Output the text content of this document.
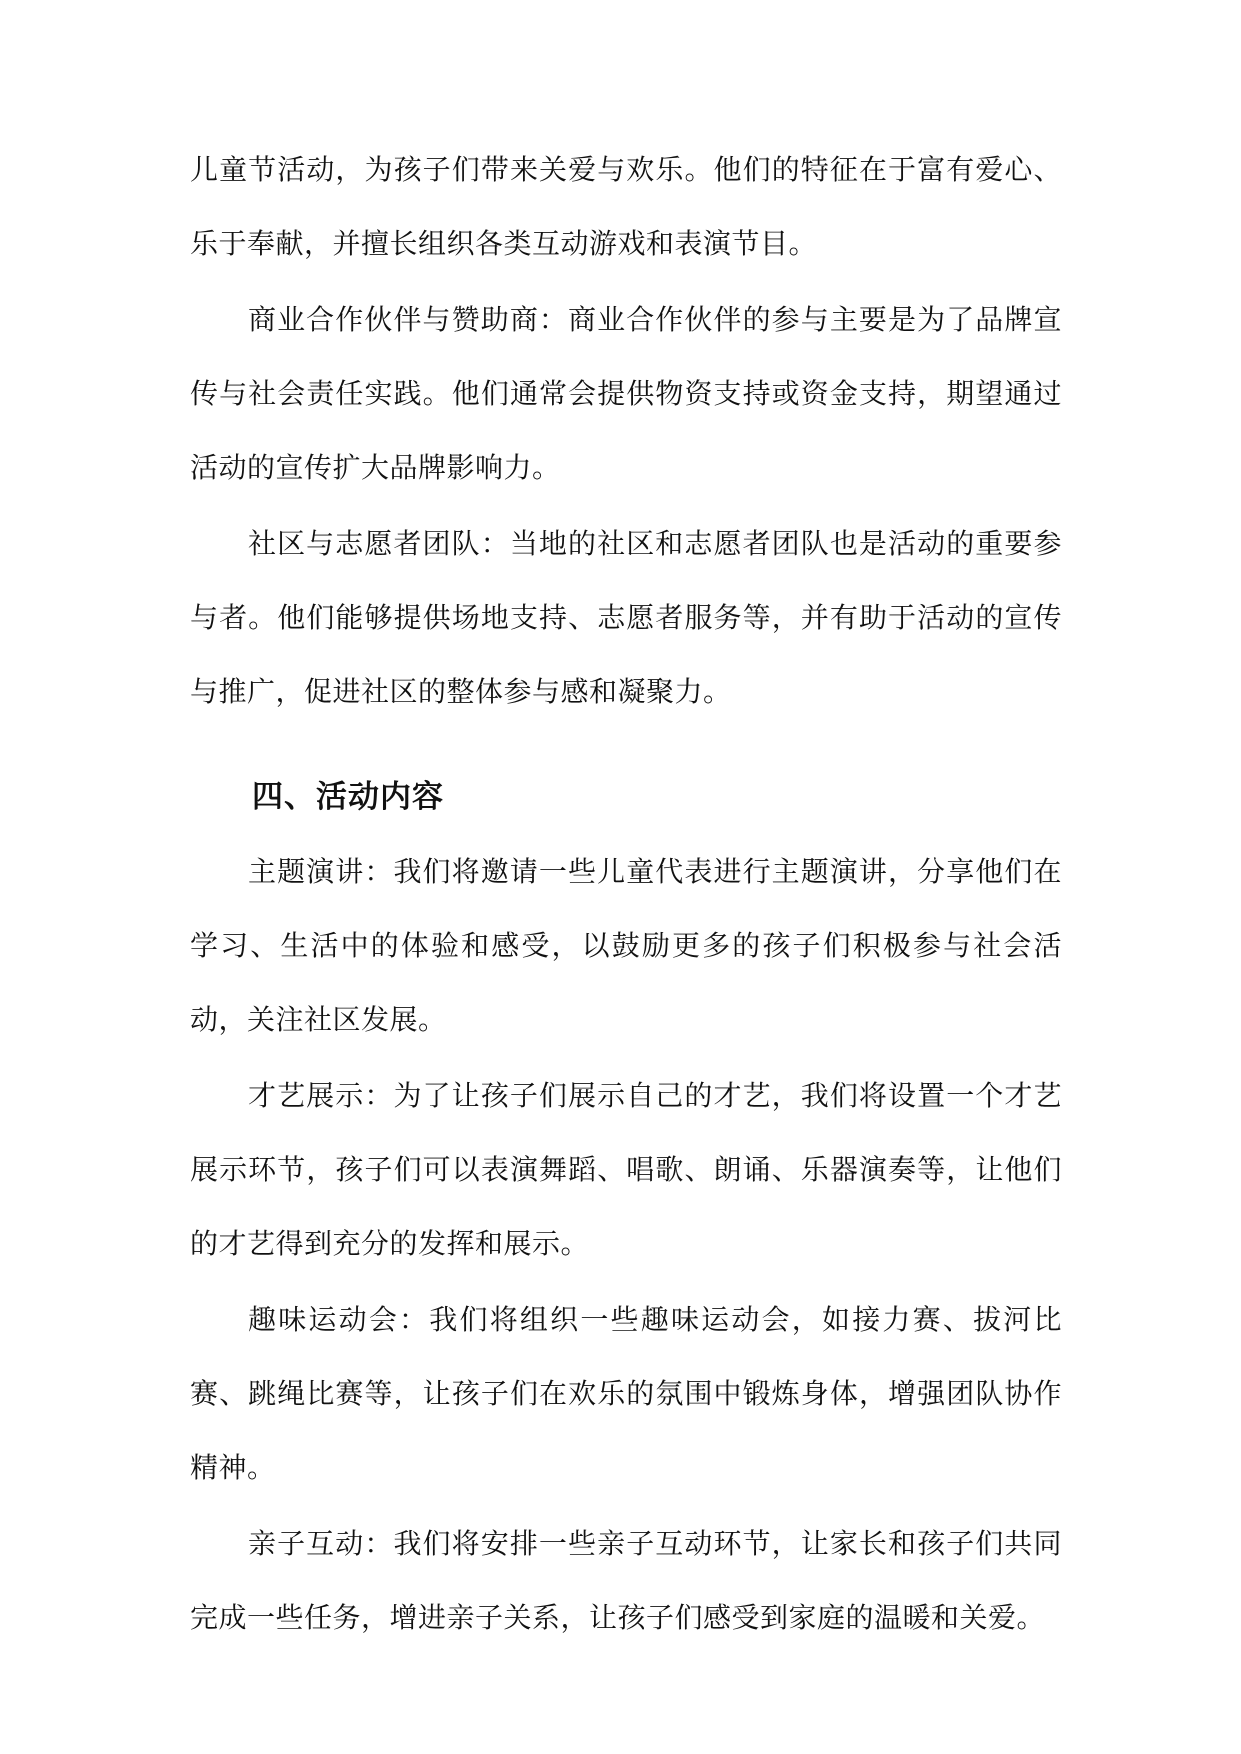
儿童节活动，为孩子们带来关爱与欢乐。他们的特征在于富有爱心、乐于奉献，并擅长组织各类互动游戏和表演节目。

商业合作伙伴与赞助商：商业合作伙伴的参与主要是为了品牌宣传与社会责任实践。他们通常会提供物资支持或资金支持，期望通过活动的宣传扩大品牌影响力。

社区与志愿者团队：当地的社区和志愿者团队也是活动的重要参与者。他们能够提供场地支持、志愿者服务等，并有助于活动的宣传与推广，促进社区的整体参与感和凝聚力。

四、活动内容

主题演讲：我们将邀请一些儿童代表进行主题演讲，分享他们在学习、生活中的体验和感受，以鼓励更多的孩子们积极参与社会活动，关注社区发展。

才艺展示：为了让孩子们展示自己的才艺，我们将设置一个才艺展示环节，孩子们可以表演舞蹈、唱歌、朗诵、乐器演奏等，让他们的才艺得到充分的发挥和展示。

趣味运动会：我们将组织一些趣味运动会，如接力赛、拔河比赛、跳绳比赛等，让孩子们在欢乐的氛围中锻炼身体，增强团队协作精神。

亲子互动：我们将安排一些亲子互动环节，让家长和孩子们共同完成一些任务，增进亲子关系，让孩子们感受到家庭的温暖和关爱。
